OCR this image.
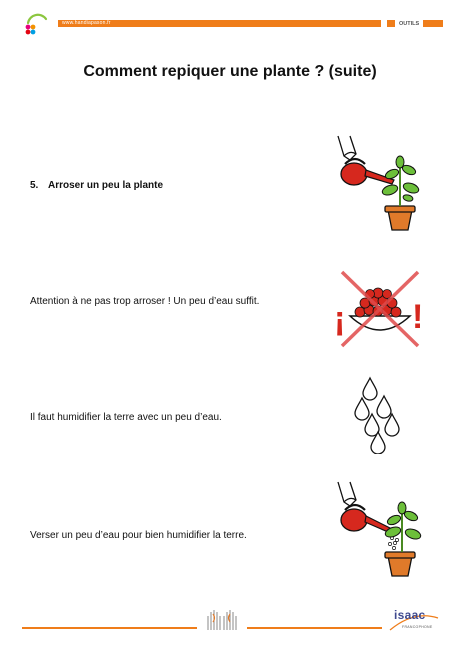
www.handiapason.fr	OUTILS
Comment repiquer une plante ? (suite)
5. Arroser un peu la plante
Attention à ne pas trop arroser ! Un peu d’eau suffit. ¡ !
Il faut humidifier la terre avec un peu d’eau.
Verser un peu d’eau pour bien humidifier la terre.
isaac
FRANCOPHONE
